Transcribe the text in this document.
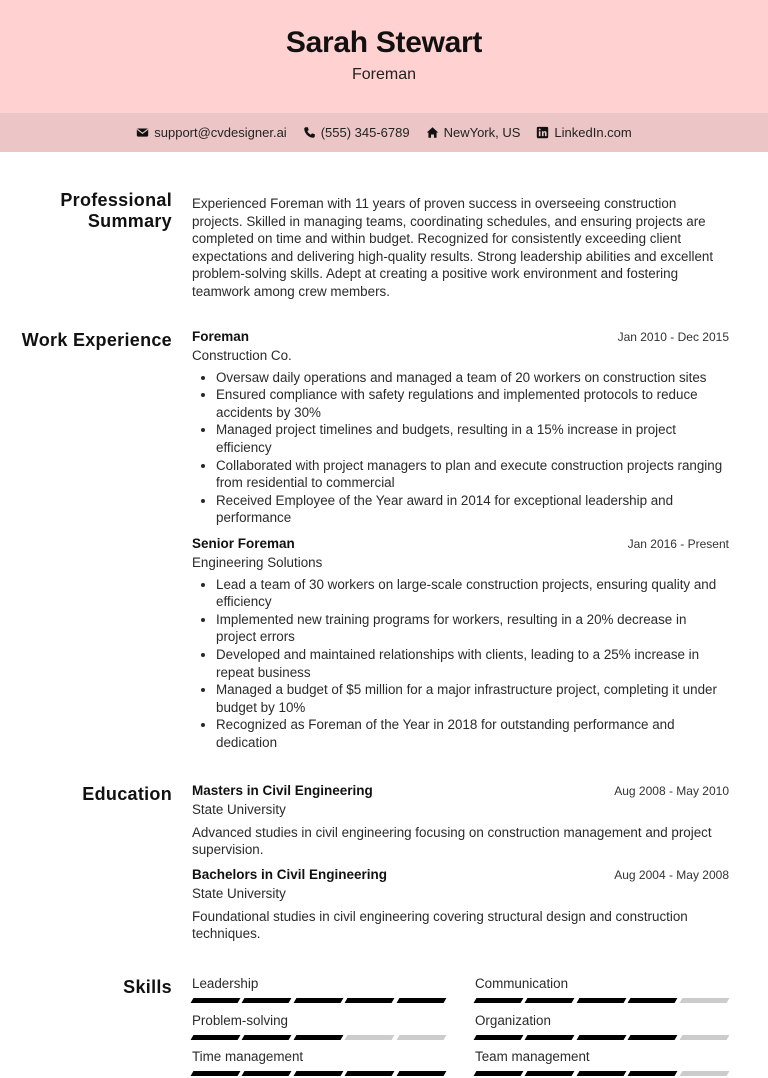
Sarah Stewart
Foreman
support@cvdesigner.ai	(555) 345-6789	NewYork, US	LinkedIn.com
Professional Summary
Experienced Foreman with 11 years of proven success in overseeing construction projects. Skilled in managing teams, coordinating schedules, and ensuring projects are completed on time and within budget. Recognized for consistently exceeding client expectations and delivering high-quality results. Strong leadership abilities and excellent problem-solving skills. Adept at creating a positive work environment and fostering teamwork among crew members.
Work Experience Foreman	Jan 2010 - Dec 2015
Construction Co.
• Oversaw daily operations and managed a team of 20 workers on construction sites
• Ensured compliance with safety regulations and implemented protocols to reduce accidents by 30%
• Managed project timelines and budgets, resulting in a 15% increase in project efficiency
• Collaborated with project managers to plan and execute construction projects ranging from residential to commercial
• Received Employee of the Year award in 2014 for exceptional leadership and performance
Senior Foreman	Jan 2016 - Present
Engineering Solutions
• Lead a team of 30 workers on large-scale construction projects, ensuring quality and efficiency
• Implemented new training programs for workers, resulting in a 20% decrease in project errors
• Developed and maintained relationships with clients, leading to a 25% increase in repeat business
• Managed a budget of $5 million for a major infrastructure project, completing it under budget by 10%
• Recognized as Foreman of the Year in 2018 for outstanding performance and dedication
Education Masters in Civil Engineering	Aug 2008 - May 2010
State University
Advanced studies in civil engineering focusing on construction management and project supervision.
Bachelors in Civil Engineering	Aug 2004 - May 2008
State University
Foundational studies in civil engineering covering structural design and construction techniques.
Skills Leadership	Communication
Problem-solving	Organization
Time management	Team management
